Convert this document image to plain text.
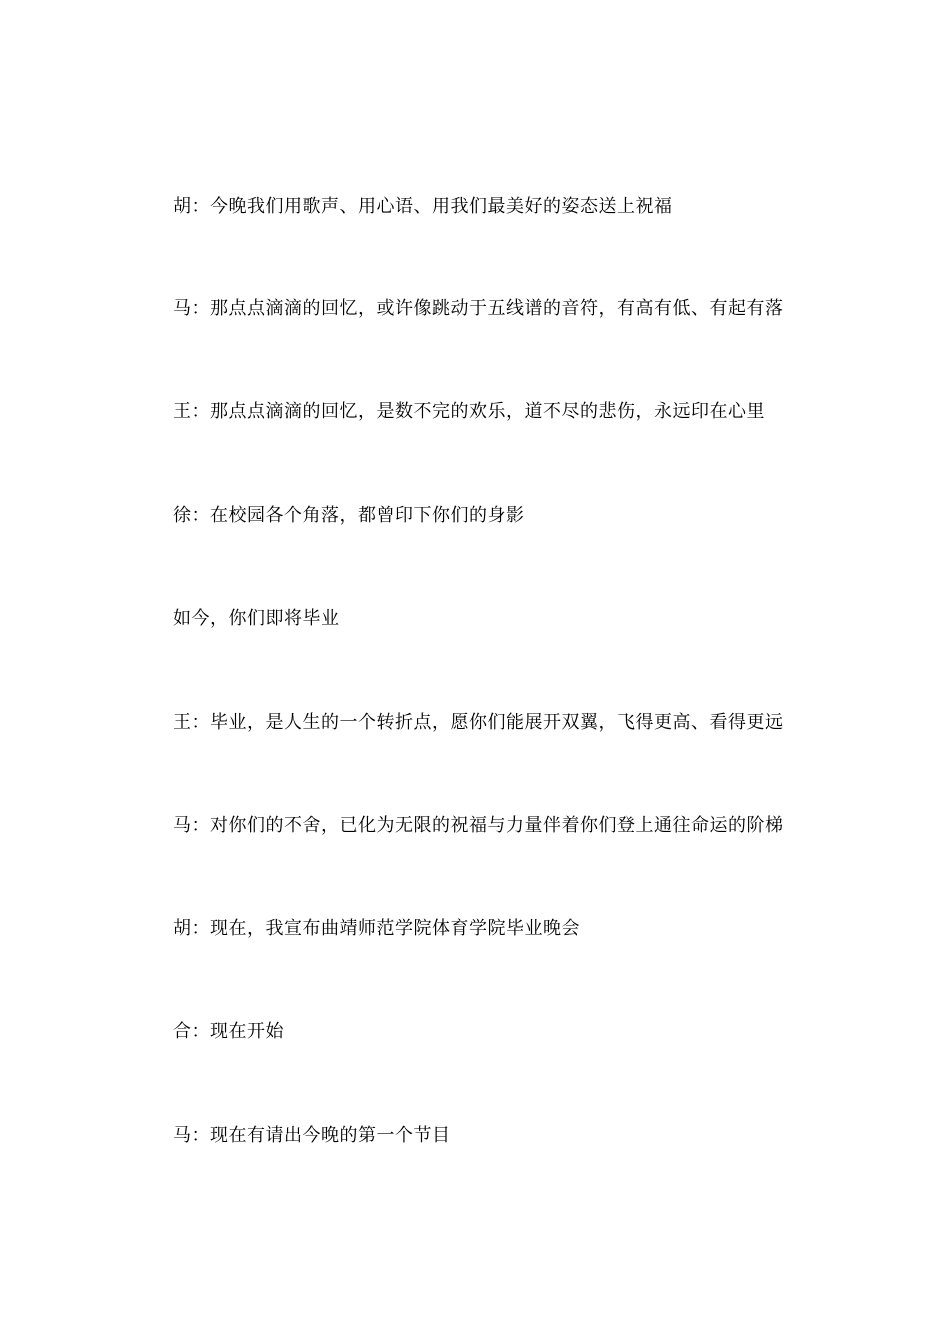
胡：今晚我们用歌声、用心语、用我们最美好的姿态送上祝福
马：那点点滴滴的回忆，或许像跳动于五线谱的音符，有高有低、有起有落
王：那点点滴滴的回忆，是数不完的欢乐，道不尽的悲伤，永远印在心里
徐：在校园各个角落，都曾印下你们的身影
如今，你们即将毕业
王：毕业，是人生的一个转折点，愿你们能展开双翼，飞得更高、看得更远
马：对你们的不舍，已化为无限的祝福与力量伴着你们登上通往命运的阶梯
胡：现在，我宣布曲靖师范学院体育学院毕业晚会
合：现在开始
马：现在有请出今晚的第一个节目
